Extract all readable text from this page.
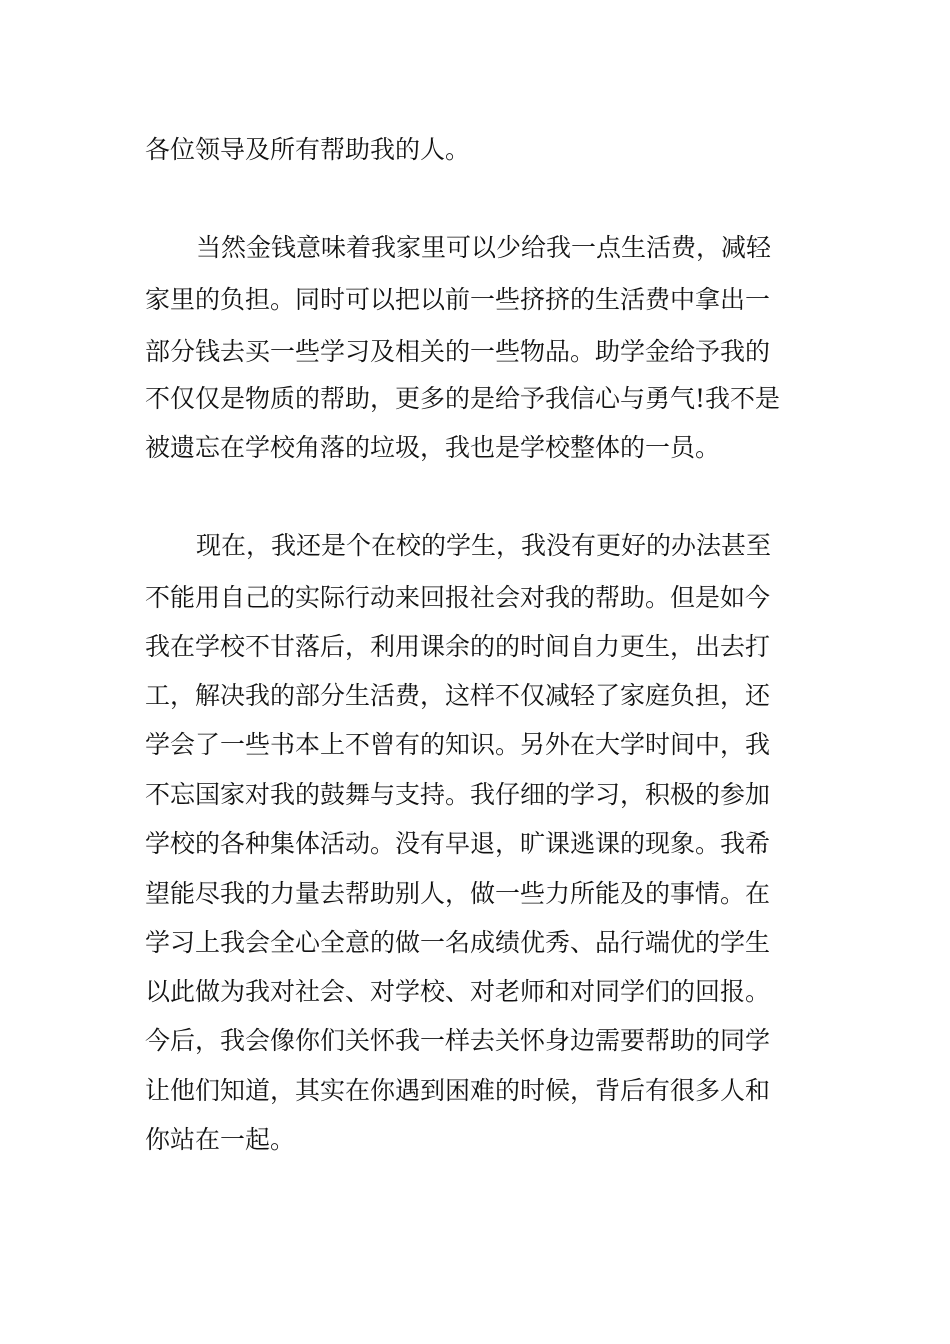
各位领导及所有帮助我的人。
当然金钱意味着我家里可以少给我一点生活费，减轻
家里的负担。同时可以把以前一些挤挤的生活费中拿出一
部分钱去买一些学习及相关的一些物品。助学金给予我的
不仅仅是物质的帮助，更多的是给予我信心与勇气!我不是
被遗忘在学校角落的垃圾，我也是学校整体的一员。
现在，我还是个在校的学生，我没有更好的办法甚至
不能用自己的实际行动来回报社会对我的帮助。但是如今
我在学校不甘落后，利用课余的的时间自力更生，出去打
工，解决我的部分生活费，这样不仅减轻了家庭负担，还
学会了一些书本上不曾有的知识。另外在大学时间中，我
不忘国家对我的鼓舞与支持。我仔细的学习，积极的参加
学校的各种集体活动。没有早退，旷课逃课的现象。我希
望能尽我的力量去帮助别人，做一些力所能及的事情。在
学习上我会全心全意的做一名成绩优秀、品行端优的学生
以此做为我对社会、对学校、对老师和对同学们的回报。
今后，我会像你们关怀我一样去关怀身边需要帮助的同学
让他们知道，其实在你遇到困难的时候，背后有很多人和
你站在一起。
